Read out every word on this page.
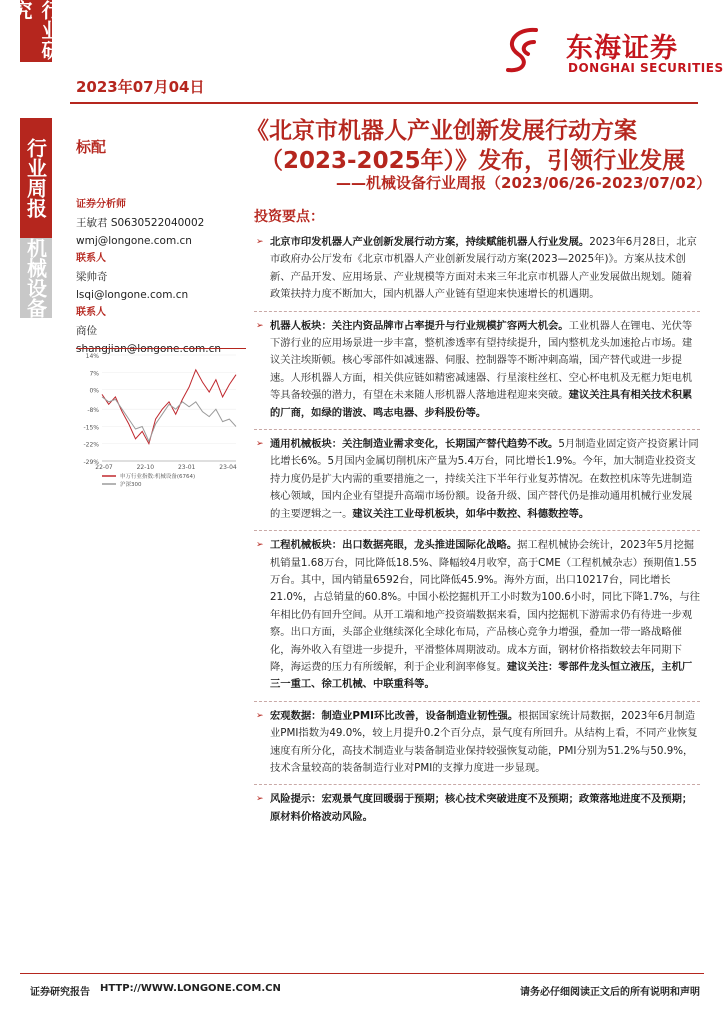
行业研究
行业周报
机械设备
2023年07月04日
东海证券
DONGHAI SECURITIES
标配
《北京市机器人产业创新发展行动方案
（2023-2025年）》发布，引领行业发展
——机械设备行业周报（2023/06/26-2023/07/02）
证券分析师
王敏君 S0630522040002
wmj@longone.com.cn
联系人
梁帅奇
lsqi@longone.com.cn
联系人
商俭
shangjian@longone.com.cn
14%
7%
0%
-8%
-15%
-22%
-29%
22-07	22-10	23-01	23-04
申万行业指数:机械设备(6764)
沪深300
投资要点：
➢ 北京市印发机器人产业创新发展行动方案，持续赋能机器人行业发展。2023年6月28日，北京市政府办公厅发布《北京市机器人产业创新发展行动方案(2023—2025年)》。方案从技术创新、产品开发、应用场景、产业规模等方面对未来三年北京市机器人产业发展做出规划。随着政策扶持力度不断加大，国内机器人产业链有望迎来快速增长的机遇期。
➢ 机器人板块：关注内资品牌市占率提升与行业规模扩容两大机会。工业机器人在锂电、光伏等下游行业的应用场景进一步丰富，整机渗透率有望持续提升，国内整机龙头加速抢占市场。建议关注埃斯顿。核心零部件如减速器、伺服、控制器等不断冲刺高端，国产替代或进一步提速。人形机器人方面，相关供应链如精密减速器、行星滚柱丝杠、空心杯电机及无框力矩电机等具备较强的潜力，有望在未来随人形机器人落地进程迎来突破。建议关注具有相关技术积累的厂商，如绿的谐波、鸣志电器、步科股份等。
➢ 通用机械板块：关注制造业需求变化，长期国产替代趋势不改。5月制造业固定资产投资累计同比增长6%。5月国内金属切削机床产量为5.4万台，同比增长1.9%。今年，加大制造业投资支持力度仍是扩大内需的重要措施之一，持续关注下半年行业复苏情况。在数控机床等先进制造核心领域，国内企业有望提升高端市场份额。设备升级、国产替代仍是推动通用机械行业发展的主要逻辑之一。建议关注工业母机板块，如华中数控、科德数控等。
➢ 工程机械板块：出口数据亮眼，龙头推进国际化战略。据工程机械协会统计，2023年5月挖掘机销量1.68万台，同比降低18.5%、降幅较4月收窄，高于CME（工程机械杂志）预期值1.55万台。其中，国内销量6592台，同比降低45.9%。海外方面，出口10217台，同比增长21.0%，占总销量的60.8%。中国小松挖掘机开工小时数为100.6小时，同比下降1.7%，与往年相比仍有回升空间。从开工端和地产投资端数据来看，国内挖掘机下游需求仍有待进一步观察。出口方面，头部企业继续深化全球化布局，产品核心竞争力增强，叠加一带一路战略催化，海外收入有望进一步提升，平滑整体周期波动。成本方面，钢材价格指数较去年同期下降，海运费的压力有所缓解，利于企业利润率修复。建议关注：零部件龙头恒立液压，主机厂三一重工、徐工机械、中联重科等。
➢ 宏观数据：制造业PMI环比改善，设备制造业韧性强。根据国家统计局数据，2023年6月制造业PMI指数为49.0%，较上月提升0.2个百分点，景气度有所回升。从结构上看，不同产业恢复速度有所分化，高技术制造业与装备制造业保持较强恢复动能，PMI分别为51.2%与50.9%，技术含量较高的装备制造行业对PMI的支撑力度进一步显现。
➢ 风险提示：宏观景气度回暖弱于预期；核心技术突破进度不及预期；政策落地进度不及预期；原材料价格波动风险。
证券研究报告 HTTP://WWW.LONGONE.COM.CN	请务必仔细阅读正文后的所有说明和声明
